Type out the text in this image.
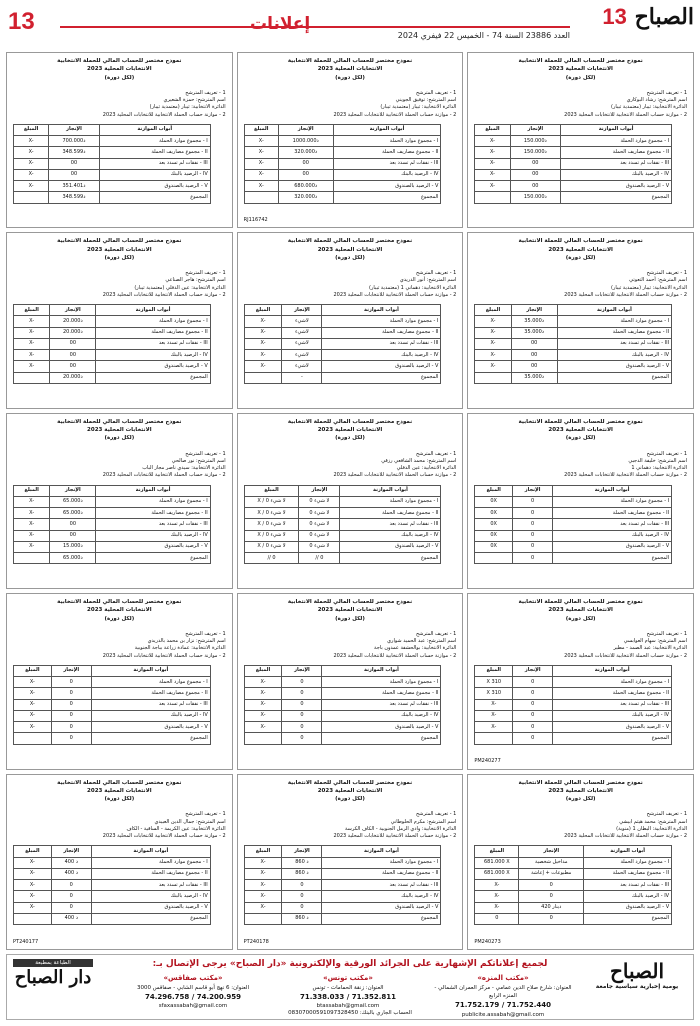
13	إعلانات
العدد 23886 السنة 74 - الخميس 22 فيفري 2024
الصباح 13
نموذج مختصر للحساب المالي للحملة الانتخابية
الانتخابات المحلية 2023
(لكل دورة)
1 - تعريف المترشح
اسم المترشح: حمزة الشعيري
الدائرة الانتخابية: ثيبار (معتمدية ثيبار)
2 - موازنة حساب الحملة الانتخابية للانتخابات المحلية 2023
أبواب الموازنة	الإنجاز	المبلغ
I - مجموع موارد الحملة	700.000د	X-
II - مجموع مصاريف الحملة	348.599د	X-
III - نفقات لم تسدد بعد	00	X-
IV - الرصيد بالبنك	00	X-
V - الرصيد بالصندوق	351.401د	X-
المجموع	348.599د	
نموذج مختصر للحساب المالي للحملة الانتخابية
الانتخابات المحلية 2023
(لكل دورة)
1 - تعريف المترشح
اسم المترشح: توفيق الجويني
الدائرة الانتخابية: ثيبار (معتمدية ثيبار)
2 - موازنة حساب الحملة الانتخابية للانتخابات المحلية 2023
أبواب الموازنة	الإنجاز	المبلغ
I - مجموع موارد الحملة	1000.000د	X-
II - مجموع مصاريف الحملة	320.000د	X-
III - نفقات لم تسدد بعد	00	X-
IV - الرصيد بالبنك	00	X-
V - الرصيد بالصندوق	680.000د	X-
المجموع	320.000د	
RJ116742
نموذج مختصر للحساب المالي للحملة الانتخابية
الانتخابات المحلية 2023
(لكل دورة)
1 - تعريف المترشح
اسم المترشح: رشاد البوكاري
الدائرة الانتخابية: ثيبار (معتمدية ثيبار)
2 - موازنة حساب الحملة الانتخابية للانتخابات المحلية 2023
أبواب الموازنة	الإنجاز	المبلغ
I - مجموع موارد الحملة	150.000د	X-
II - مجموع مصاريف الحملة	150.000د	X-
III - نفقات لم تسدد بعد	00	X-
IV - الرصيد بالبنك	00	X-
V - الرصيد بالصندوق	00	X-
المجموع	150.000د	
نموذج مختصر للحساب المالي للحملة الانتخابية
الانتخابات المحلية 2023
(لكل دورة)
1 - تعريف المترشح
اسم المترشح: هاجر الصناعي
الدائرة الانتخابية: عين الدفلي (معتمدية ثيبار)
2 - موازنة حساب الحملة الانتخابية للانتخابات المحلية 2023
أبواب الموازنة	الإنجاز	المبلغ
I - مجموع موارد الحملة	20.000د	X-
II - مجموع مصاريف الحملة	20.000د	X-
III - نفقات لم تسدد بعد	00	X-
IV - الرصيد بالبنك	00	X-
V - الرصيد بالصندوق	00	X-
المجموع	20.000د	
نموذج مختصر للحساب المالي للحملة الانتخابية
الانتخابات المحلية 2023
(لكل دورة)
1 - تعريف المترشح
اسم المترشح: أنور الدريدي
الدائرة الانتخابية: دهماني 1 (معتمدية ثيبار)
2 - موازنة حساب الحملة الانتخابية للانتخابات المحلية 2023
أبواب الموازنة	الإنجاز	المبلغ
I - مجموع موارد الحملة	لاشيء	X-
II - مجموع مصاريف الحملة	لاشيء	X-
III - نفقات لم تسدد بعد	لاشيء	X-
IV - الرصيد بالبنك	لاشيء	X-
V - الرصيد بالصندوق	لاشيء	X-
المجموع	-	
نموذج مختصر للحساب المالي للحملة الانتخابية
الانتخابات المحلية 2023
(لكل دورة)
1 - تعريف المترشح
اسم المترشح: أحمد التعوتي
الدائرة الانتخابية: ثيبار (معتمدية ثيبار)
2 - موازنة حساب الحملة الانتخابية للانتخابات المحلية 2023
أبواب الموازنة	الإنجاز	المبلغ
I - مجموع موارد الحملة	35.000د	X-
II - مجموع مصاريف الحملة	35.000د	X-
III - نفقات لم تسدد بعد	00	X-
IV - الرصيد بالبنك	00	X-
V - الرصيد بالصندوق	00	X-
المجموع	35.000د	
نموذج مختصر للحساب المالي للحملة الانتخابية
الانتخابات المحلية 2023
(لكل دورة)
1 - تعريف المترشح
اسم المترشح: نور صالحي
الدائرة الانتخابية: سيدي ناصر مجاز الباب
2 - موازنة حساب الحملة الانتخابية للانتخابات المحلية 2023
أبواب الموازنة	الإنجاز	المبلغ
I - مجموع موارد الحملة	65.000د	X-
II - مجموع مصاريف الحملة	65.000د	X-
III - نفقات لم تسدد بعد	00	X-
IV - الرصيد بالبنك	00	X-
V - الرصيد بالصندوق	15.000د	X-
المجموع	65.000د	
نموذج مختصر للحساب المالي للحملة الانتخابية
الانتخابات المحلية 2023
(لكل دورة)
1 - تعريف المترشح
اسم المترشح: محمد الشافعي رزقي
الدائرة الانتخابية: عين الدفلي
2 - موازنة حساب الحملة الانتخابية للانتخابات المحلية 2023
أبواب الموازنة	الإنجاز	المبلغ
I - مجموع موارد الحملة	لا شيء 0	X / لا شيء 0
II - مجموع مصاريف الحملة	لا شيء 0	X / لا شيء 0
III - نفقات لم تسدد بعد	لا شيء 0	X / لا شيء 0
IV - الرصيد بالبنك	لا شيء 0	X / لا شيء 0
V - الرصيد بالصندوق	لا شيء 0	X / لا شيء 0
المجموع	// 0	// 0
نموذج مختصر للحساب المالي للحملة الانتخابية
الانتخابات المحلية 2023
(لكل دورة)
1 - تعريف المترشح
اسم المترشح: خليفة الدجبي
الدائرة الانتخابية: دهماني 1
2 - موازنة حساب الحملة الانتخابية للانتخابات المحلية 2023
أبواب الموازنة	الإنجاز	المبلغ
I - مجموع موارد الحملة	0	0X
II - مجموع مصاريف الحملة	0	0X
III - نفقات لم تسدد بعد	0	0X
IV - الرصيد بالبنك	0	0X
V - الرصيد بالصندوق	0	0X
المجموع	0	
نموذج مختصر للحساب المالي للحملة الانتخابية
الانتخابات المحلية 2023
(لكل دورة)
1 - تعريف المترشح
اسم المترشح: نزار بن محمد بالدريدي
الدائرة الانتخابية: عمادة زراعة بباجة الجنوبية
2 - موازنة حساب الحملة الانتخابية للانتخابات المحلية 2023
أبواب الموازنة	الإنجاز	المبلغ
I - مجموع موارد الحملة	0	X-
II - مجموع مصاريف الحملة	0	X-
III - نفقات لم تسدد بعد	0	X-
IV - الرصيد بالبنك	0	X-
V - الرصيد بالصندوق	0	X-
المجموع	0	
نموذج مختصر للحساب المالي للحملة الانتخابية
الانتخابات المحلية 2023
(لكل دورة)
1 - تعريف المترشح
اسم المترشح: عبد الحميد شواري
الدائرة الانتخابية: بوالحشفة عمدون باجة
2 - موازنة حساب الحملة الانتخابية للانتخابات المحلية 2023
أبواب الموازنة	الإنجاز	المبلغ
I - مجموع موارد الحملة	0	X-
II - مجموع مصاريف الحملة	0	X-
III - نفقات لم تسدد بعد	0	X-
IV - الرصيد بالبنك	0	X-
V - الرصيد بالصندوق	0	X-
المجموع	0	
نموذج مختصر للحساب المالي للحملة الانتخابية
الانتخابات المحلية 2023
(لكل دورة)
1 - تعريف المترشح
اسم المترشح: سهام العوابسي
الدائرة الانتخابية: عبد الصمد - مطير
2 - موازنة حساب الحملة الانتخابية للانتخابات المحلية 2023
أبواب الموازنة	الإنجاز	المبلغ
I - مجموع موارد الحملة	0	X 310
II - مجموع مصاريف الحملة	0	X 310
III - نفقات لم تسدد بعد	0	X-
IV - الرصيد بالبنك	0	X-
V - الرصيد بالصندوق	0	X-
المجموع	0	
PM240277
نموذج مختصر للحساب المالي للحملة الانتخابية
الانتخابات المحلية 2023
(لكل دورة)
1 - تعريف المترشح
اسم المترشح: جمال الدين العبيدي
الدائرة الانتخابية: عين الكريمة - الساقية - الكاف
2 - موازنة حساب الحملة الانتخابية للانتخابات المحلية 2023
أبواب الموازنة	الإنجاز	المبلغ
I - مجموع موارد الحملة	400 د	X-
II - مجموع مصاريف الحملة	400 د	X-
III - نفقات لم تسدد بعد	0	X-
IV - الرصيد بالبنك	0	X-
V - الرصيد بالصندوق	0	X-
المجموع	400 د	
PT240177
نموذج مختصر للحساب المالي للحملة الانتخابية
الانتخابات المحلية 2023
(لكل دورة)
1 - تعريف المترشح
اسم المترشح: مكرم الحلوطاني
الدائرة الانتخابية: وادي الرمل الجنوبية - الكاف الكرسة
2 - موازنة حساب الحملة الانتخابية للانتخابات المحلية 2023
أبواب الموازنة	الإنجاز	المبلغ
I - مجموع موارد الحملة	860 د	X-
II - مجموع مصاريف الحملة	860 د	X-
III - نفقات لم تسدد بعد	0	X-
IV - الرصيد بالبنك	0	X-
V - الرصيد بالصندوق	0	X-
المجموع	860 د	
PT240178
نموذج مختصر للحساب المالي للحملة الانتخابية
الانتخابات المحلية 2023
(لكل دورة)
1 - تعريف المترشح
اسم المترشح: محمد هيثم ابيشي
الدائرة الانتخابية: البطان 1 (منوبة)
2 - موازنة حساب الحملة الانتخابية للانتخابات المحلية 2023
أبواب الموازنة	الإنجاز	المبلغ
I - مجموع موارد الحملة	مداخيل شخصية	681.000 X
II - مجموع مصاريف الحملة	مطبوعات + إعاشة	681.000 X
III - نفقات لم تسدد بعد	0	X-
IV - الرصيد بالبنك	0	X-
V - الرصيد بالصندوق	420 دينار	X-
المجموع	0	0
PM240273
الصباح
يومية إخبارية سياسية جامعة
لجميع إعلاناتكم الإشهارية على الجرائد الورقية والإلكترونية «دار الصباح» يرجى الإتصال بـ:
«مكتب المنزه»
العنوان: شارع صلاح الدين عمامي - مركز العمران الشمالي - المنزه الرابع
71.752.179 / 71.752.440
publicite.assabah@gmail.com
«مكتب تونس»
العنوان: زنقة الحمامات - تونس
71.338.033 / 71.352.811
btassabah@gmail.com
«مكتب صفاقس»
العنوان: 6 نهج أبو قاسم الشابي - صفاقس 3000
74.296.758 / 74.200.959
sfaxassabah@gmail.com
الطباعة بمطبعة
دار الصباح
الحساب الجاري بالبنك: 08307000591097328450
